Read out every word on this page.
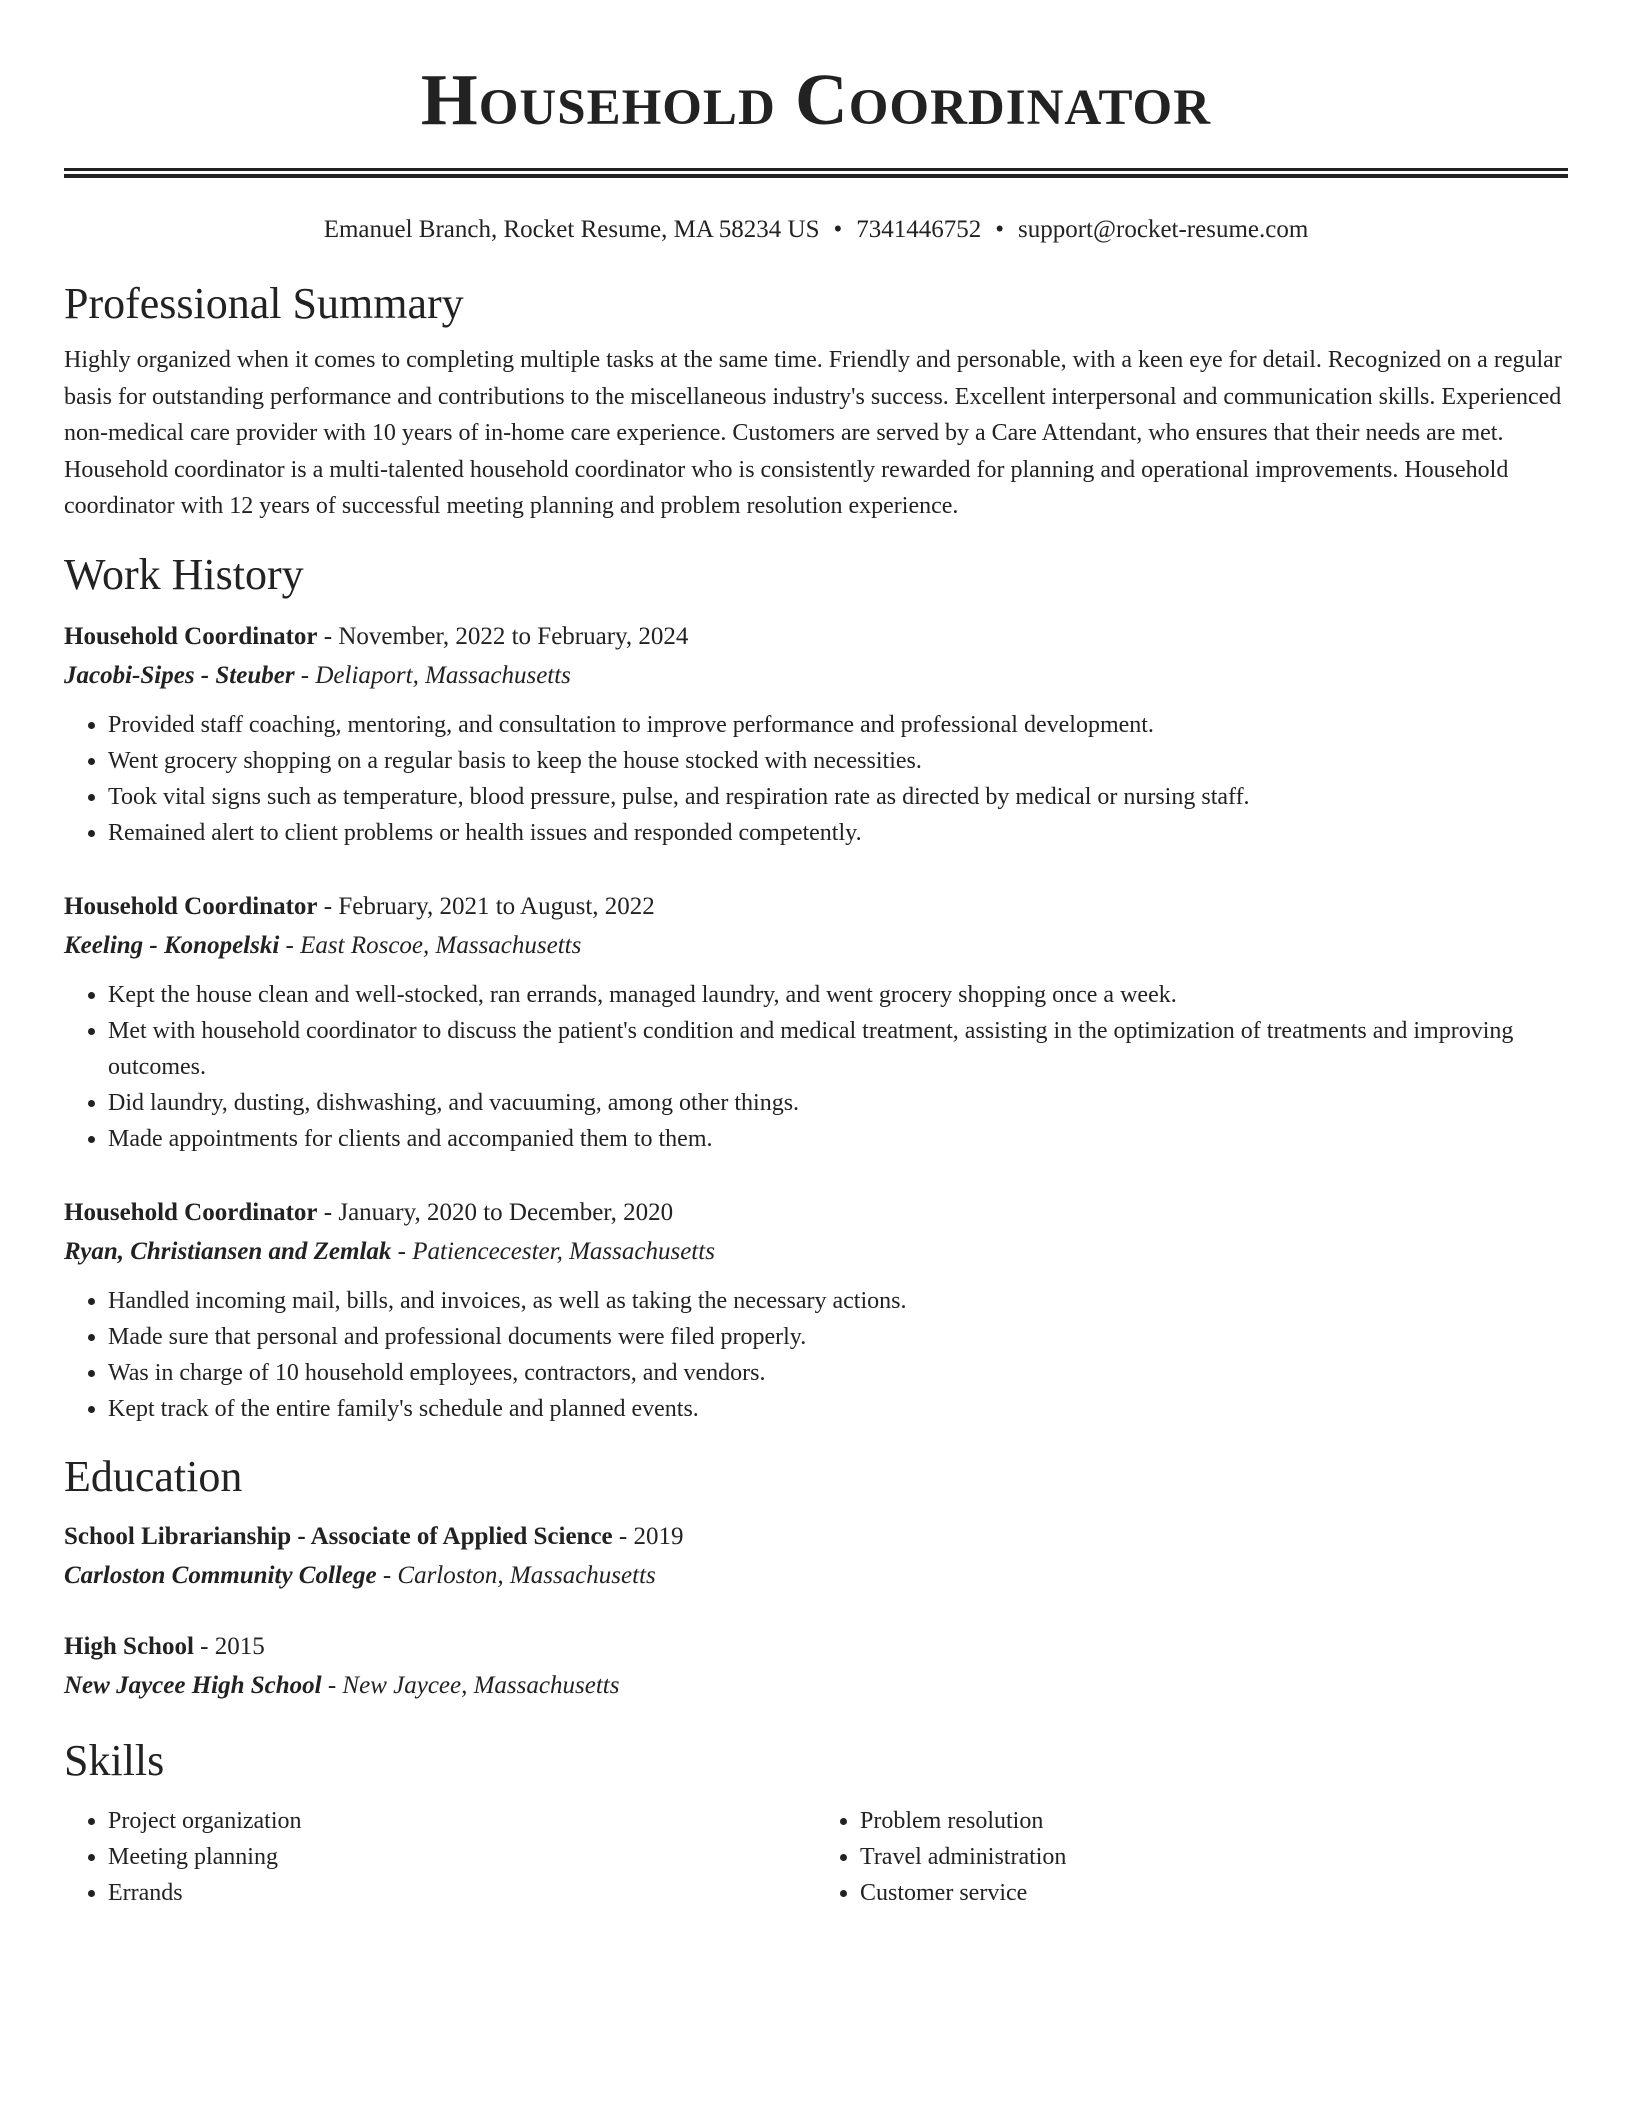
Household Coordinator
Emanuel Branch, Rocket Resume, MA 58234 US • 7341446752 • support@rocket-resume.com
Professional Summary
Highly organized when it comes to completing multiple tasks at the same time. Friendly and personable, with a keen eye for detail. Recognized on a regular basis for outstanding performance and contributions to the miscellaneous industry's success. Excellent interpersonal and communication skills. Experienced non-medical care provider with 10 years of in-home care experience. Customers are served by a Care Attendant, who ensures that their needs are met. Household coordinator is a multi-talented household coordinator who is consistently rewarded for planning and operational improvements. Household coordinator with 12 years of successful meeting planning and problem resolution experience.
Work History
Household Coordinator - November, 2022 to February, 2024
Jacobi-Sipes - Steuber - Deliaport, Massachusetts
• Provided staff coaching, mentoring, and consultation to improve performance and professional development.
• Went grocery shopping on a regular basis to keep the house stocked with necessities.
• Took vital signs such as temperature, blood pressure, pulse, and respiration rate as directed by medical or nursing staff.
• Remained alert to client problems or health issues and responded competently.
Household Coordinator - February, 2021 to August, 2022
Keeling - Konopelski - East Roscoe, Massachusetts
• Kept the house clean and well-stocked, ran errands, managed laundry, and went grocery shopping once a week.
• Met with household coordinator to discuss the patient's condition and medical treatment, assisting in the optimization of treatments and improving outcomes.
• Did laundry, dusting, dishwashing, and vacuuming, among other things.
• Made appointments for clients and accompanied them to them.
Household Coordinator - January, 2020 to December, 2020
Ryan, Christiansen and Zemlak - Patiencecester, Massachusetts
• Handled incoming mail, bills, and invoices, as well as taking the necessary actions.
• Made sure that personal and professional documents were filed properly.
• Was in charge of 10 household employees, contractors, and vendors.
• Kept track of the entire family's schedule and planned events.
Education
School Librarianship - Associate of Applied Science - 2019
Carloston Community College - Carloston, Massachusetts
High School - 2015
New Jaycee High School - New Jaycee, Massachusetts
Skills
• Project organization
• Meeting planning
• Errands
• Problem resolution
• Travel administration
• Customer service
